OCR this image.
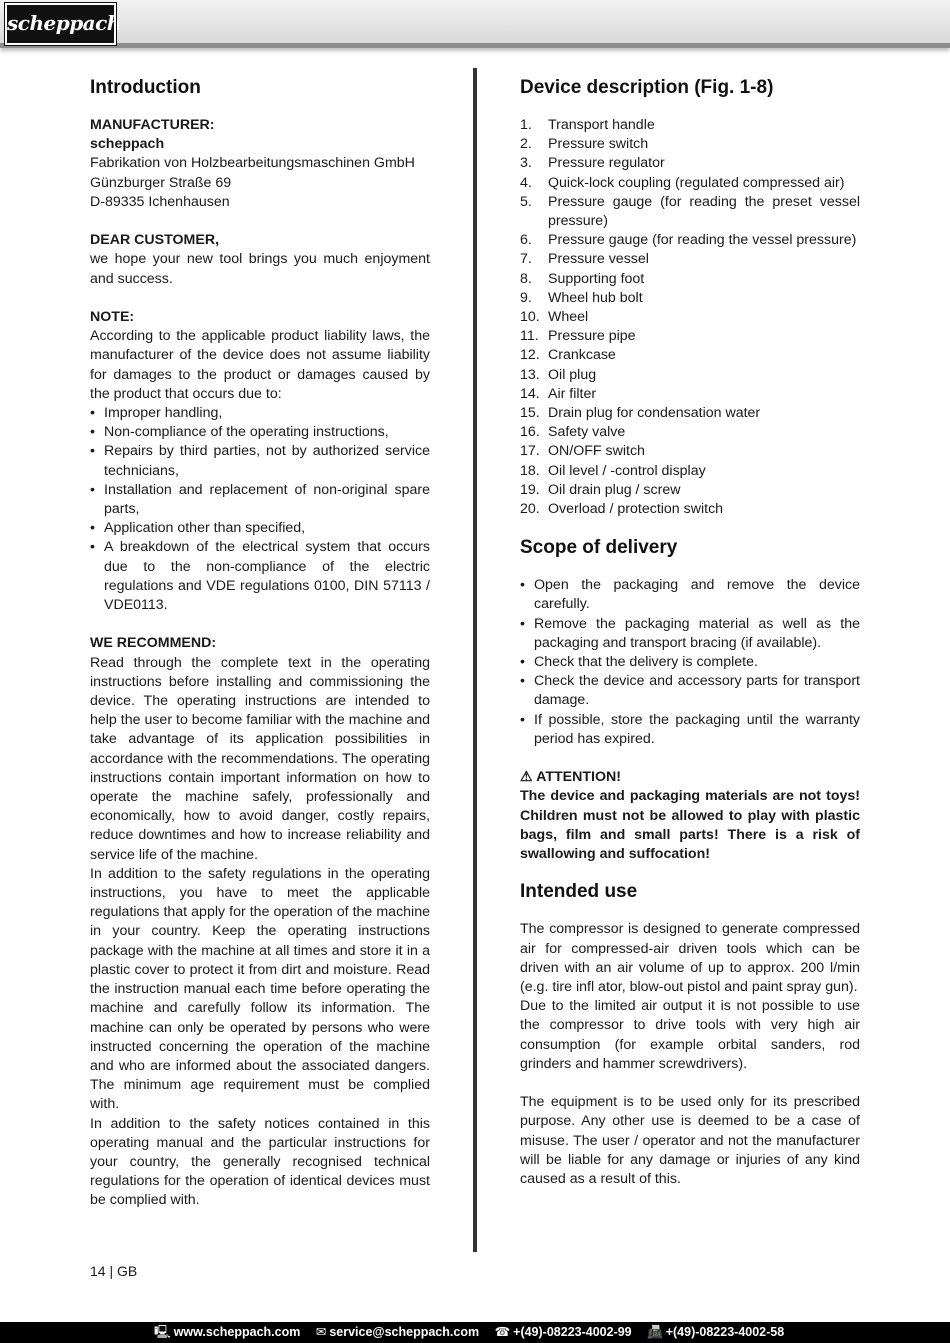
scheppach
Introduction
MANUFACTURER:
scheppach
Fabrikation von Holzbearbeitungsmaschinen GmbH
Günzburger Straße 69
D-89335 Ichenhausen
DEAR CUSTOMER,
we hope your new tool brings you much enjoyment and success.
NOTE:
According to the applicable product liability laws, the manufacturer of the device does not assume liability for damages to the product or damages caused by the product that occurs due to:
• Improper handling,
• Non-compliance of the operating instructions,
• Repairs by third parties, not by authorized service technicians,
• Installation and replacement of non-original spare parts,
• Application other than specified,
• A breakdown of the electrical system that occurs due to the non-compliance of the electric regulations and VDE regulations 0100, DIN 57113 / VDE0113.
WE RECOMMEND:
Read through the complete text in the operating instructions before installing and commissioning the device. The operating instructions are intended to help the user to become familiar with the machine and take advantage of its application possibilities in accordance with the recommendations. The operating instructions contain important information on how to operate the machine safely, professionally and economically, how to avoid danger, costly repairs, reduce downtimes and how to increase reliability and service life of the machine.
In addition to the safety regulations in the operating instructions, you have to meet the applicable regulations that apply for the operation of the machine in your country. Keep the operating instructions package with the machine at all times and store it in a plastic cover to protect it from dirt and moisture. Read the instruction manual each time before operating the machine and carefully follow its information. The machine can only be operated by persons who were instructed concerning the operation of the machine and who are informed about the associated dangers. The minimum age requirement must be complied with.
In addition to the safety notices contained in this operating manual and the particular instructions for your country, the generally recognised technical regulations for the operation of identical devices must be complied with.
Device description (Fig. 1-8)
1. Transport handle
2. Pressure switch
3. Pressure regulator
4. Quick-lock coupling (regulated compressed air)
5. Pressure gauge (for reading the preset vessel pressure)
6. Pressure gauge (for reading the vessel pressure)
7. Pressure vessel
8. Supporting foot
9. Wheel hub bolt
10. Wheel
11. Pressure pipe
12. Crankcase
13. Oil plug
14. Air filter
15. Drain plug for condensation water
16. Safety valve
17. ON/OFF switch
18. Oil level / -control display
19. Oil drain plug / screw
20. Overload / protection switch
Scope of delivery
• Open the packaging and remove the device carefully.
• Remove the packaging material as well as the packaging and transport bracing (if available).
• Check that the delivery is complete.
• Check the device and accessory parts for transport damage.
• If possible, store the packaging until the warranty period has expired.
⚠ ATTENTION!
The device and packaging materials are not toys! Children must not be allowed to play with plastic bags, film and small parts! There is a risk of swallowing and suffocation!
Intended use
The compressor is designed to generate compressed air for compressed-air driven tools which can be driven with an air volume of up to approx. 200 l/min (e.g. tire infl ator, blow-out pistol and paint spray gun).
Due to the limited air output it is not possible to use the compressor to drive tools with very high air consumption (for example orbital sanders, rod grinders and hammer screwdrivers).
The equipment is to be used only for its prescribed purpose. Any other use is deemed to be a case of misuse. The user / operator and not the manufacturer will be liable for any damage or injuries of any kind caused as a result of this.
14 | GB
🖳 www.scheppach.com ✉ service@scheppach.com ☎ +(49)-08223-4002-99 📠 +(49)-08223-4002-58
